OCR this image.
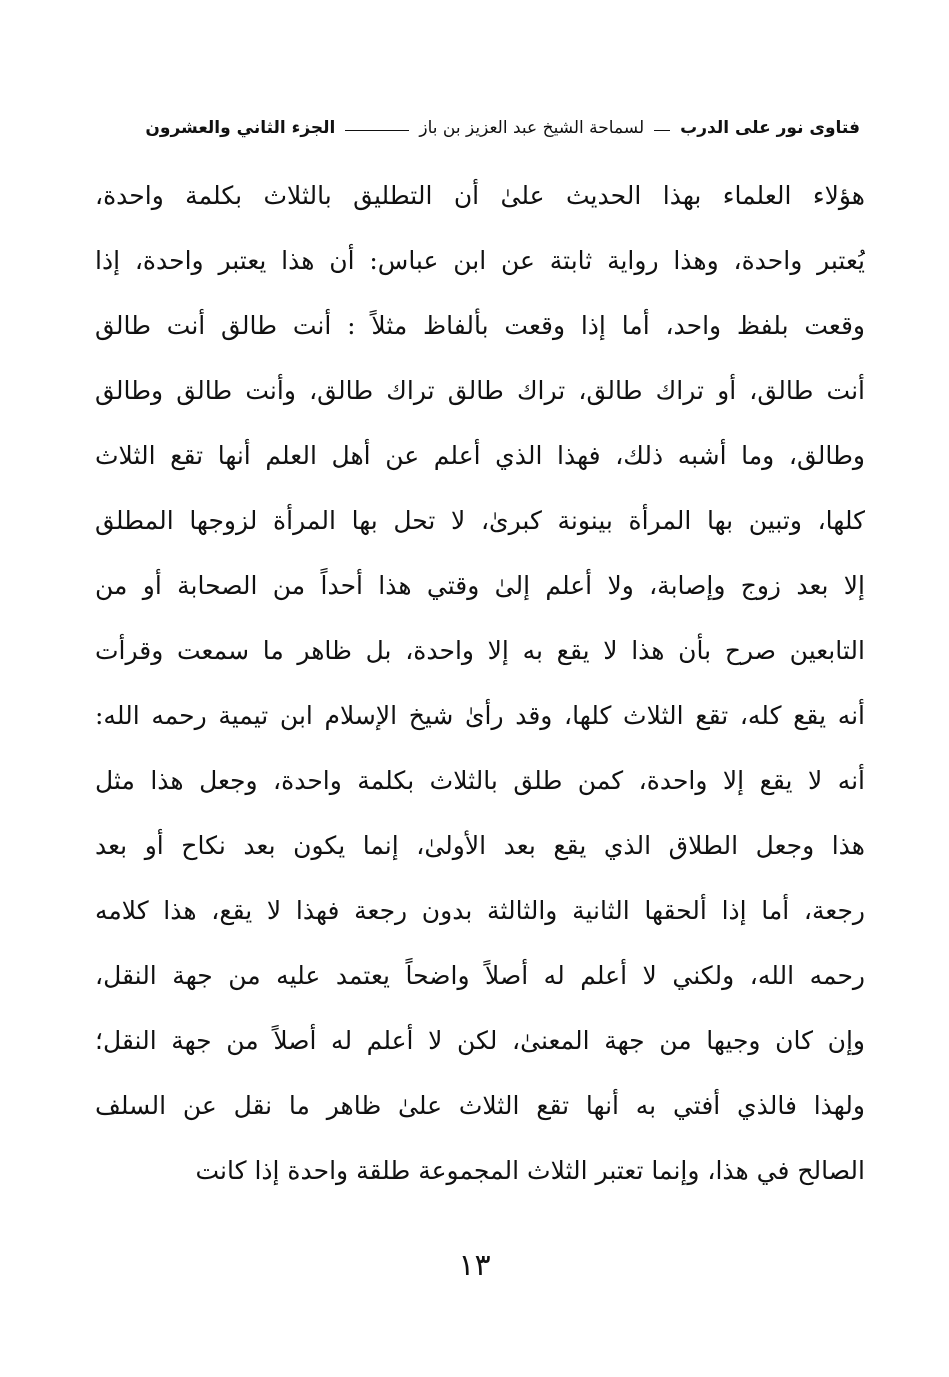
فتاوى نور على الدرب
لسماحة الشيخ عبد العزيز بن باز
الجزء الثاني والعشرون
هؤلاء العلماء بهذا الحديث علىٰ أن التطليق بالثلاث بكلمة واحدة،
يُعتبر واحدة، وهذا رواية ثابتة عن ابن عباس: أن هذا يعتبر واحدة، إذا
وقعت بلفظ واحد، أما إذا وقعت بألفاظ مثلاً : أنت طالق أنت طالق
أنت طالق، أو تراك طالق، تراك طالق تراك طالق، وأنت طالق وطالق
وطالق، وما أشبه ذلك، فهذا الذي أعلم عن أهل العلم أنها تقع الثلاث
كلها، وتبين بها المرأة بينونة كبرىٰ، لا تحل بها المرأة لزوجها المطلق
إلا بعد زوج وإصابة، ولا أعلم إلىٰ وقتي هذا أحداً من الصحابة أو من
التابعين صرح بأن هذا لا يقع به إلا واحدة، بل ظاهر ما سمعت وقرأت
أنه يقع كله، تقع الثلاث كلها، وقد رأىٰ شيخ الإسلام ابن تيمية رحمه الله:
أنه لا يقع إلا واحدة، كمن طلق بالثلاث بكلمة واحدة، وجعل هذا مثل
هذا وجعل الطلاق الذي يقع بعد الأولىٰ، إنما يكون بعد نكاح أو بعد
رجعة، أما إذا ألحقها الثانية والثالثة بدون رجعة فهذا لا يقع، هذا كلامه
رحمه الله، ولكني لا أعلم له أصلاً واضحاً يعتمد عليه من جهة النقل،
وإن كان وجيها من جهة المعنىٰ، لكن لا أعلم له أصلاً من جهة النقل؛
ولهذا فالذي أفتي به أنها تقع الثلاث علىٰ ظاهر ما نقل عن السلف
الصالح في هذا، وإنما تعتبر الثلاث المجموعة طلقة واحدة إذا كانت
١٣
